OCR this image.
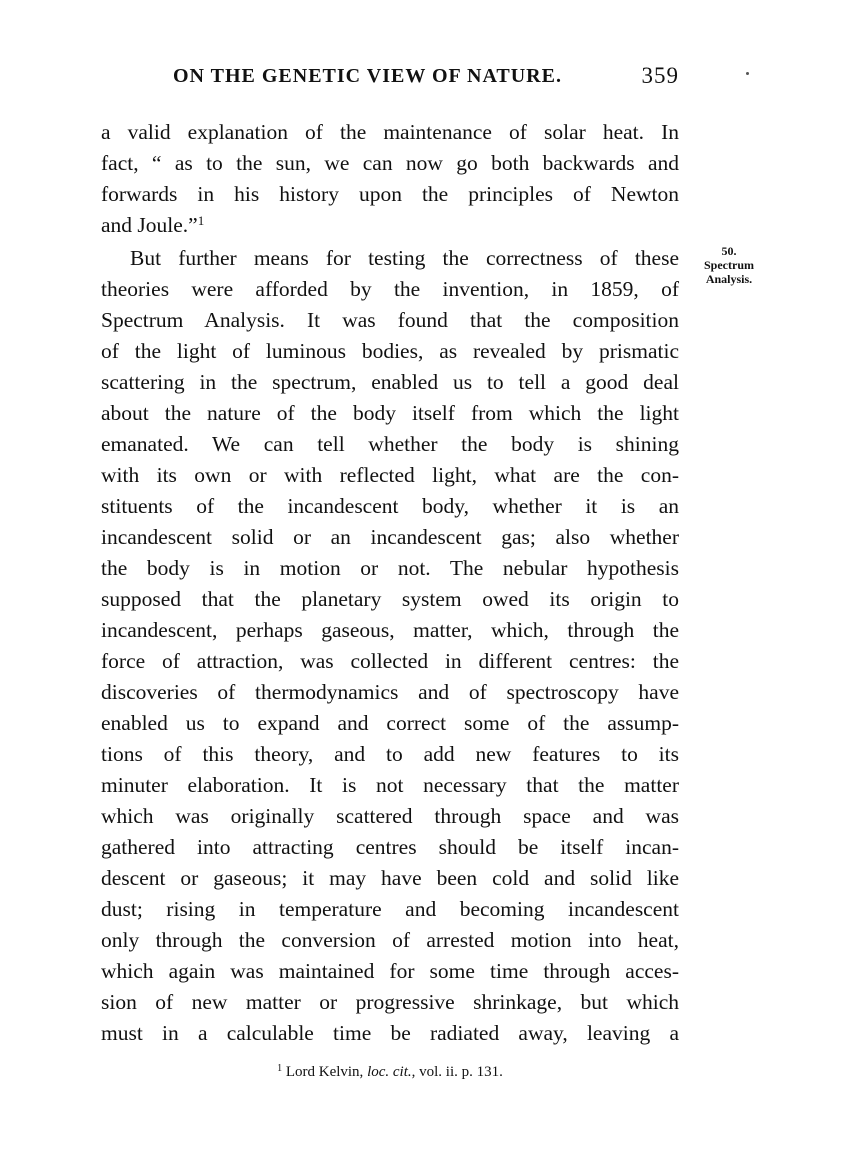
ON THE GENETIC VIEW OF NATURE.	359
50.
Spectrum
Analysis.
a valid explanation of the maintenance of solar heat. In
fact, “ as to the sun, we can now go both backwards and
forwards in his history upon the principles of Newton
and Joule.”$^1$
But further means for testing the correctness of these
theories were afforded by the invention, in 1859, of
Spectrum Analysis. It was found that the composition
of the light of luminous bodies, as revealed by prismatic
scattering in the spectrum, enabled us to tell a good deal
about the nature of the body itself from which the light
emanated. We can tell whether the body is shining
with its own or with reflected light, what are the con-
stituents of the incandescent body, whether it is an
incandescent solid or an incandescent gas; also whether
the body is in motion or not. The nebular hypothesis
supposed that the planetary system owed its origin to
incandescent, perhaps gaseous, matter, which, through the
force of attraction, was collected in different centres: the
discoveries of thermodynamics and of spectroscopy have
enabled us to expand and correct some of the assump-
tions of this theory, and to add new features to its
minuter elaboration. It is not necessary that the matter
which was originally scattered through space and was
gathered into attracting centres should be itself incan-
descent or gaseous; it may have been cold and solid like
dust; rising in temperature and becoming incandescent
only through the conversion of arrested motion into heat,
which again was maintained for some time through acces-
sion of new matter or progressive shrinkage, but which
must in a calculable time be radiated away, leaving a
$^1$ Lord Kelvin, loc. cit., vol. ii. p. 131.
